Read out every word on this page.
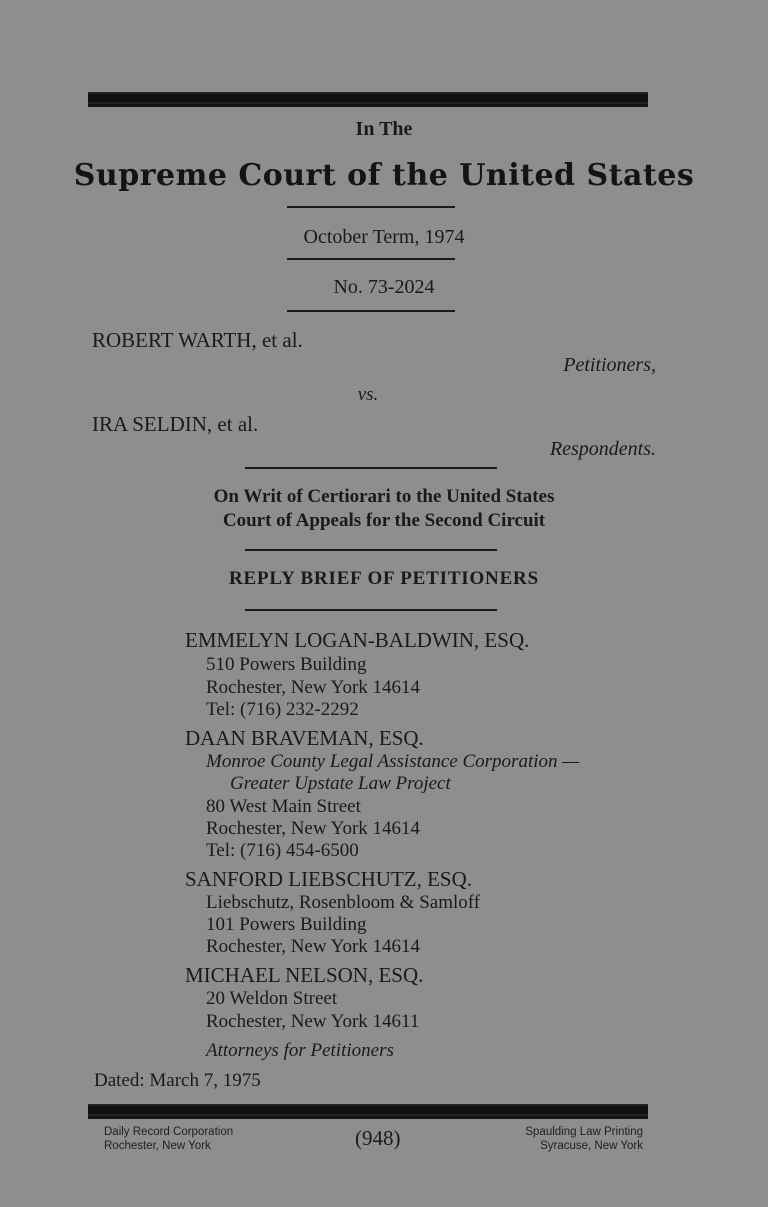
In The
Supreme Court of the United States
October Term, 1974
No. 73-2024
ROBERT WARTH, et al.
Petitioners,
vs.
IRA SELDIN, et al.
Respondents.
On Writ of Certiorari to the United States
Court of Appeals for the Second Circuit
REPLY BRIEF OF PETITIONERS
EMMELYN LOGAN-BALDWIN, ESQ.
510 Powers Building
Rochester, New York 14614
Tel: (716) 232-2292
DAAN BRAVEMAN, ESQ.
Monroe County Legal Assistance Corporation —
Greater Upstate Law Project
80 West Main Street
Rochester, New York 14614
Tel: (716) 454-6500
SANFORD LIEBSCHUTZ, ESQ.
Liebschutz, Rosenbloom & Samloff
101 Powers Building
Rochester, New York 14614
MICHAEL NELSON, ESQ.
20 Weldon Street
Rochester, New York 14611
Attorneys for Petitioners
Dated: March 7, 1975
Daily Record Corporation
Rochester, New York	(948)	Spaulding Law Printing
Syracuse, New York
